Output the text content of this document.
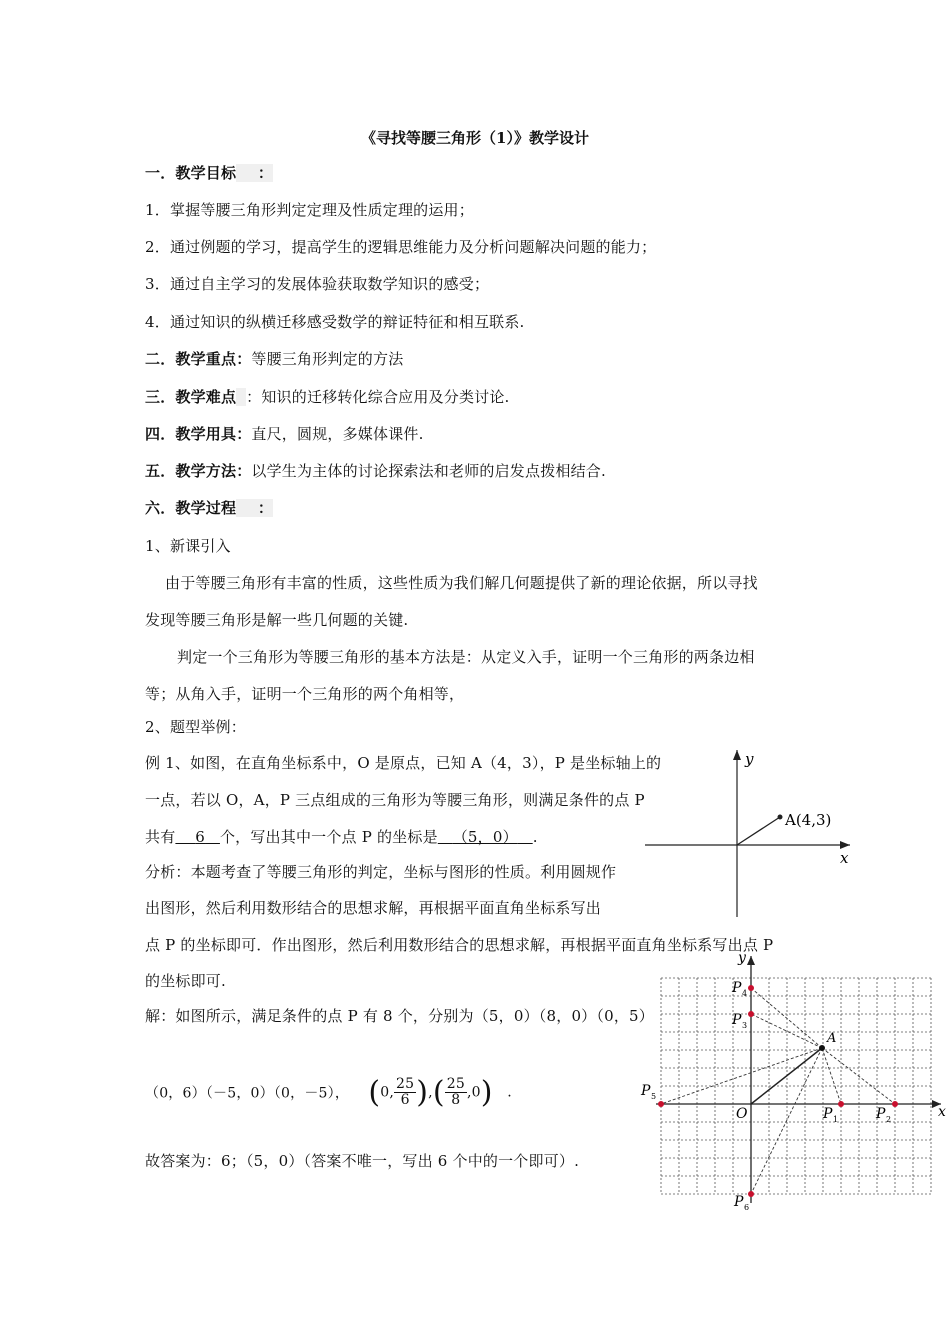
《寻找等腰三角形（1）》教学设计
一．教学目标 ：
1．掌握等腰三角形判定定理及性质定理的运用；
2．通过例题的学习，提高学生的逻辑思维能力及分析问题解决问题的能力；
3．通过自主学习的发展体验获取数学知识的感受；
4．通过知识的纵横迁移感受数学的辩证特征和相互联系.
二．教学重点：等腰三角形判定的方法
三．教学难点 ：知识的迁移转化综合应用及分类讨论.
四．教学用具：直尺，圆规，多媒体课件.
五．教学方法：以学生为主体的讨论探索法和老师的启发点拨相结合.
六．教学过程 ：
1、新课引入
由于等腰三角形有丰富的性质，这些性质为我们解几何题提供了新的理论依据，所以寻找
发现等腰三角形是解一些几何题的关键.
判定一个三角形为等腰三角形的基本方法是：从定义入手，证明一个三角形的两条边相
等；从角入手，证明一个三角形的两个角相等，
2、题型举例：
例 1、如图，在直角坐标系中，O 是原点，已知 A（4，3），P 是坐标轴上的
一点，若以 O，A，P 三点组成的三角形为等腰三角形，则满足条件的点 P
共有 6 个，写出其中一个点 P 的坐标是 （5，0） .
分析：本题考查了等腰三角形的判定，坐标与图形的性质。利用圆规作
出图形，然后利用数形结合的思想求解，再根据平面直角坐标系写出
点 P 的坐标即可．作出图形，然后利用数形结合的思想求解，再根据平面直角坐标系写出点 P
的坐标即可.
解：如图所示，满足条件的点 P 有 8 个，分别为（5，0）（8，0）（0，5）
（0，6）（－5，0）（0，－5）， (0, $\frac{25}{6}$ ),( $\frac{25}{8} ,0$) .
故答案为：6；（5，0）（答案不唯一，写出 6 个中的一个即可）.
y
x
A(4,3)
y
x
O
A
P
P
P
P	P
P
4
3
5
1	2
6
